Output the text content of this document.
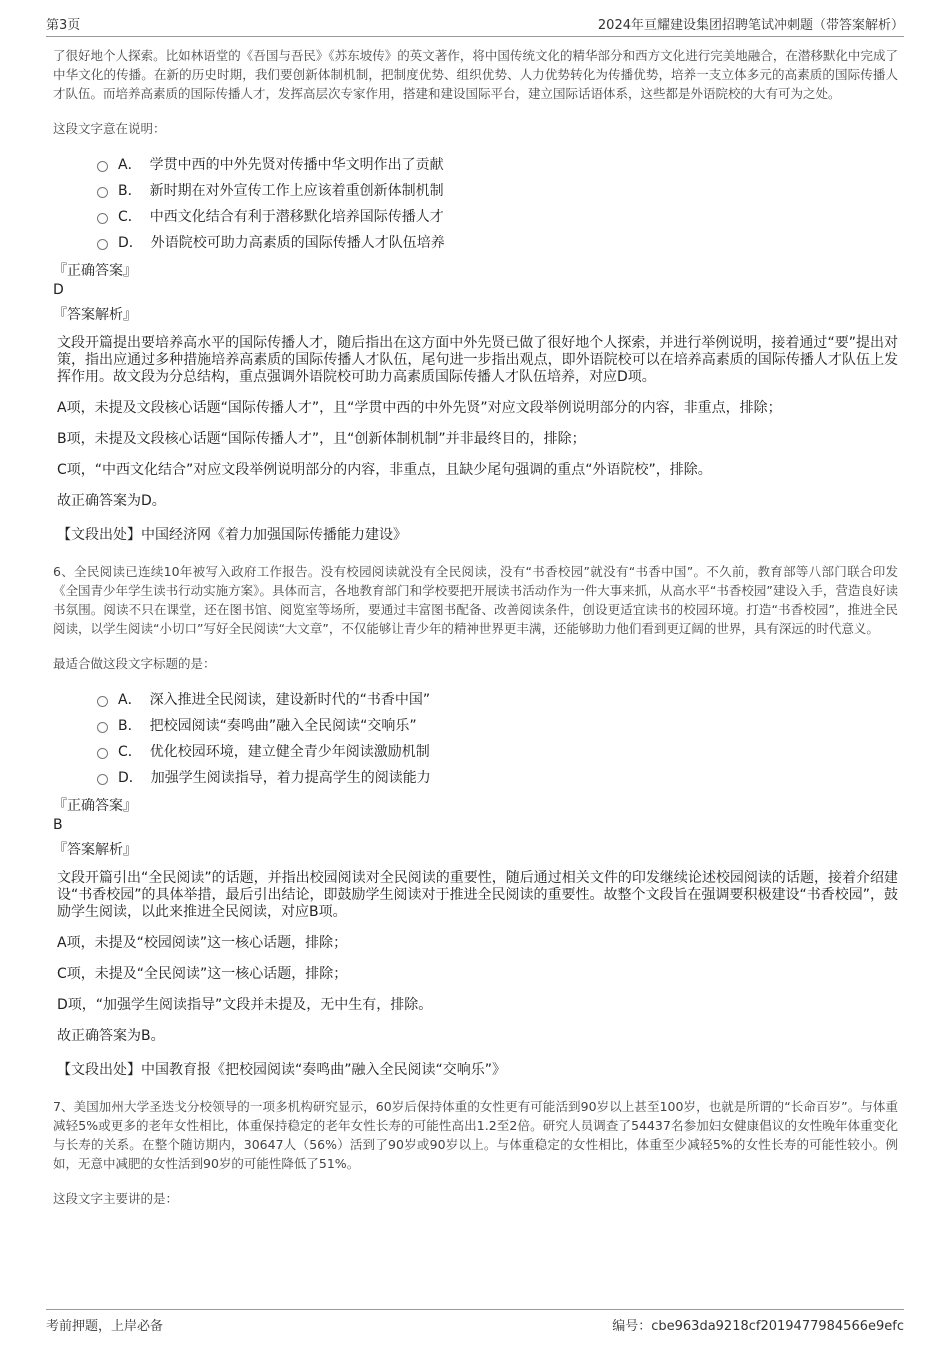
第3页	2024年亘耀建设集团招聘笔试冲刺题（带答案解析）

了很好地个人探索。比如林语堂的《吾国与吾民》《苏东坡传》的英文著作，将中国传统文化的精华部分和西方文化进行完美地融合，在潜移默化中完成了中华文化的传播。在新的历史时期，我们要创新体制机制，把制度优势、组织优势、人力优势转化为传播优势，培养一支立体多元的高素质的国际传播人才队伍。而培养高素质的国际传播人才，发挥高层次专家作用，搭建和建设国际平台，建立国际话语体系，这些都是外语院校的大有可为之处。

这段文字意在说明：
A． 学贯中西的中外先贤对传播中华文明作出了贡献
B． 新时期在对外宣传工作上应该着重创新体制机制
C． 中西文化结合有利于潜移默化培养国际传播人才
D． 外语院校可助力高素质的国际传播人才队伍培养
『正确答案』
D
『答案解析』

文段开篇提出要培养高水平的国际传播人才，随后指出在这方面中外先贤已做了很好地个人探索，并进行举例说明，接着通过“要”提出对策，指出应通过多种措施培养高素质的国际传播人才队伍，尾句进一步指出观点，即外语院校可以在培养高素质的国际传播人才队伍上发挥作用。故文段为分总结构，重点强调外语院校可助力高素质国际传播人才队伍培养，对应D项。

A项，未提及文段核心话题“国际传播人才”，且“学贯中西的中外先贤”对应文段举例说明部分的内容，非重点，排除；

B项，未提及文段核心话题“国际传播人才”，且“创新体制机制”并非最终目的，排除；

C项，“中西文化结合”对应文段举例说明部分的内容，非重点，且缺少尾句强调的重点“外语院校”，排除。

故正确答案为D。

【文段出处】中国经济网《着力加强国际传播能力建设》

6、全民阅读已连续10年被写入政府工作报告。没有校园阅读就没有全民阅读，没有“书香校园”就没有“书香中国”。不久前，教育部等八部门联合印发《全国青少年学生读书行动实施方案》。具体而言，各地教育部门和学校要把开展读书活动作为一件大事来抓，从高水平“书香校园”建设入手，营造良好读书氛围。阅读不只在课堂，还在图书馆、阅览室等场所，要通过丰富图书配备、改善阅读条件，创设更适宜读书的校园环境。打造“书香校园”，推进全民阅读，以学生阅读“小切口”写好全民阅读“大文章”，不仅能够让青少年的精神世界更丰满，还能够助力他们看到更辽阔的世界，具有深远的时代意义。

最适合做这段文字标题的是：
A． 深入推进全民阅读，建设新时代的“书香中国”
B． 把校园阅读“奏鸣曲”融入全民阅读“交响乐”
C． 优化校园环境，建立健全青少年阅读激励机制
D． 加强学生阅读指导，着力提高学生的阅读能力
『正确答案』
B
『答案解析』

文段开篇引出“全民阅读”的话题，并指出校园阅读对全民阅读的重要性，随后通过相关文件的印发继续论述校园阅读的话题，接着介绍建设“书香校园”的具体举措，最后引出结论，即鼓励学生阅读对于推进全民阅读的重要性。故整个文段旨在强调要积极建设“书香校园”，鼓励学生阅读，以此来推进全民阅读，对应B项。

A项，未提及“校园阅读”这一核心话题，排除；

C项，未提及“全民阅读”这一核心话题，排除；

D项，“加强学生阅读指导”文段并未提及，无中生有，排除。

故正确答案为B。

【文段出处】中国教育报《把校园阅读“奏鸣曲”融入全民阅读“交响乐”》

7、美国加州大学圣迭戈分校领导的一项多机构研究显示，60岁后保持体重的女性更有可能活到90岁以上甚至100岁，也就是所谓的“长命百岁”。与体重减轻5%或更多的老年女性相比，体重保持稳定的老年女性长寿的可能性高出1.2至2倍。研究人员调查了54437名参加妇女健康倡议的女性晚年体重变化与长寿的关系。在整个随访期内，30647人（56%）活到了90岁或90岁以上。与体重稳定的女性相比，体重至少减轻5%的女性长寿的可能性较小。例如，无意中减肥的女性活到90岁的可能性降低了51%。

这段文字主要讲的是：
考前押题，上岸必备	编号：cbe963da9218cf2019477984566e9efc
